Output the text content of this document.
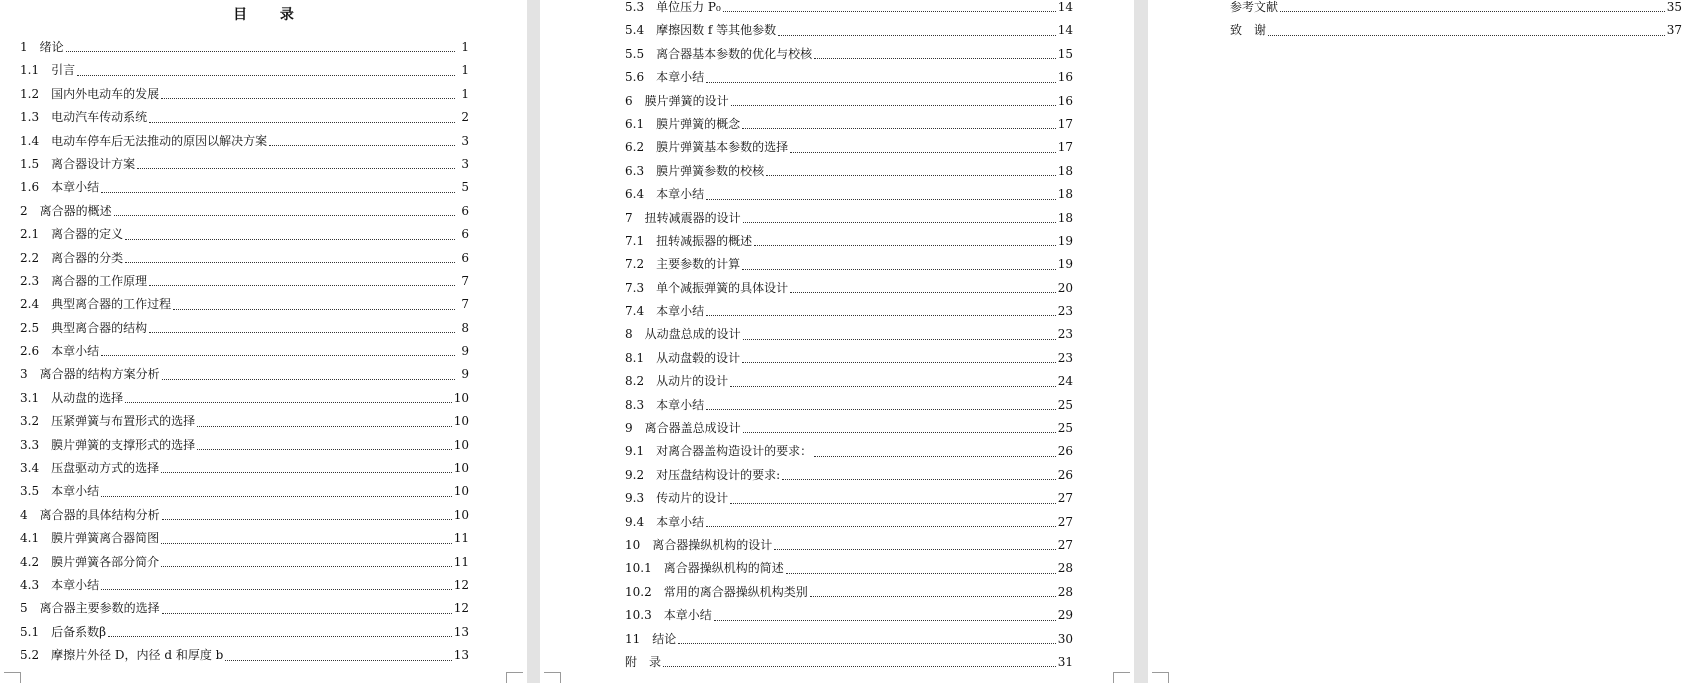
目 录
1 绪论	1
1.1 引言	1
1.2 国内外电动车的发展	1
1.3 电动汽车传动系统	2
1.4 电动车停车后无法推动的原因以解决方案	3
1.5 离合器设计方案	3
1.6 本章小结	5
2 离合器的概述	6
2.1 离合器的定义	6
2.2 离合器的分类	6
2.3 离合器的工作原理	7
2.4 典型离合器的工作过程	7
2.5 典型离合器的结构	8
2.6 本章小结	9
3 离合器的结构方案分析	9
3.1 从动盘的选择	10
3.2 压紧弹簧与布置形式的选择	10
3.3 膜片弹簧的支撑形式的选择	10
3.4 压盘驱动方式的选择	10
3.5 本章小结	10
4 离合器的具体结构分析	10
4.1 膜片弹簧离合器简图	11
4.2 膜片弹簧各部分简介	11
4.3 本章小结	12
5 离合器主要参数的选择	12
5.1 后备系数β	13
5.2 摩擦片外径 D，内径 d 和厚度 b	13
5.3 单位压力 P₀	14
5.4 摩擦因数 f 等其他参数	14
5.5 离合器基本参数的优化与校核	15
5.6 本章小结	16
6 膜片弹簧的设计	16
6.1 膜片弹簧的概念	17
6.2 膜片弹簧基本参数的选择	17
6.3 膜片弹簧参数的校核	18
6.4 本章小结	18
7 扭转减震器的设计	18
7.1 扭转减振器的概述	19
7.2 主要参数的计算	19
7.3 单个减振弹簧的具体设计	20
7.4 本章小结	23
8 从动盘总成的设计	23
8.1 从动盘毂的设计	23
8.2 从动片的设计	24
8.3 本章小结	25
9 离合器盖总成设计	25
9.1 对离合器盖构造设计的要求：	26
9.2 对压盘结构设计的要求:	26
9.3 传动片的设计	27
9.4 本章小结	27
10 离合器操纵机构的设计	27
10.1 离合器操纵机构的简述	28
10.2 常用的离合器操纵机构类别	28
10.3 本章小结	29
11 结论	30
附 录	31
参考文献	35
致 谢	37
